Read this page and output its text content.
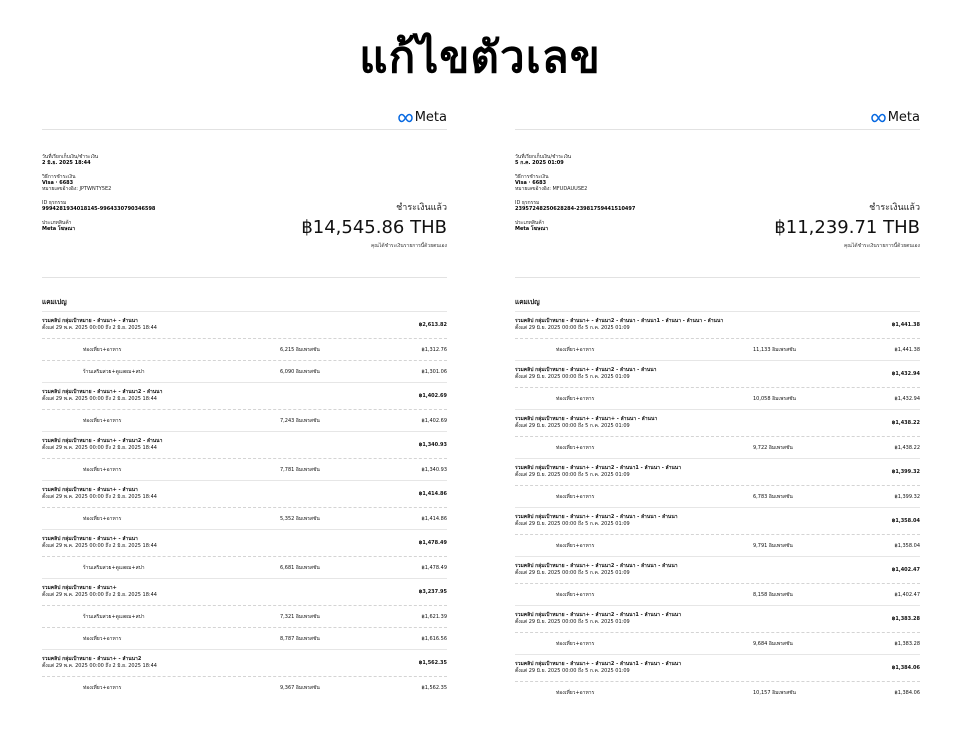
แก้ไขตัวเลข
Meta
วันที่เรียกเก็บเงิน/ชำระเงิน
2 มิ.ย. 2025 18:44
วิธีการชำระเงิน
Visa · 6683
หมายเลขอ้างอิง: JPTWNTY5E2
ID ธุรกรรม
9994281934018145-9964330790346598
ประเภทสินค้า
Meta โฆษณา
ชำระเงินแล้ว
฿14,545.86 THB
คุณได้ชำระเงินรายการนี้ด้วยตนเอง
แคมเปญ
รวมคลิป กลุ่มเป้าหมาย - ลำนนา+ - ลำนนา
ตั้งแต่ 29 พ.ค. 2025 00:00 ถึง 2 มิ.ย. 2025 18:44	฿2,613.82
ท่องเที่ยว+อาหาร	6,215 อิมเพรสชัน	฿1,312.76
ร้านเสริมสวย+ดูแลผม+สปา	6,090 อิมเพรสชัน	฿1,301.06
รวมคลิป กลุ่มเป้าหมาย - ลำนนา+ - ลำนนา2 - ลำนนา
ตั้งแต่ 29 พ.ค. 2025 00:00 ถึง 2 มิ.ย. 2025 18:44	฿1,402.69
ท่องเที่ยว+อาหาร	7,243 อิมเพรสชัน	฿1,402.69
รวมคลิป กลุ่มเป้าหมาย - ลำนนา+ - ลำนนา2 - ลำนนา
ตั้งแต่ 29 พ.ค. 2025 00:00 ถึง 2 มิ.ย. 2025 18:44	฿1,340.93
ท่องเที่ยว+อาหาร	7,781 อิมเพรสชัน	฿1,340.93
รวมคลิป กลุ่มเป้าหมาย - ลำนนา+ - ลำนนา
ตั้งแต่ 29 พ.ค. 2025 00:00 ถึง 2 มิ.ย. 2025 18:44	฿1,414.86
ท่องเที่ยว+อาหาร	5,352 อิมเพรสชัน	฿1,414.86
รวมคลิป กลุ่มเป้าหมาย - ลำนนา+ - ลำนนา
ตั้งแต่ 29 พ.ค. 2025 00:00 ถึง 2 มิ.ย. 2025 18:44	฿1,478.49
ร้านเสริมสวย+ดูแลผม+สปา	6,681 อิมเพรสชัน	฿1,478.49
รวมคลิป กลุ่มเป้าหมาย - ลำนนา+
ตั้งแต่ 29 พ.ค. 2025 00:00 ถึง 2 มิ.ย. 2025 18:44	฿3,237.95
ร้านเสริมสวย+ดูแลผม+สปา	7,321 อิมเพรสชัน	฿1,621.39
ท่องเที่ยว+อาหาร	8,787 อิมเพรสชัน	฿1,616.56
รวมคลิป กลุ่มเป้าหมาย - ลำนนา+ - ลำนนา2
ตั้งแต่ 29 พ.ค. 2025 00:00 ถึง 2 มิ.ย. 2025 18:44	฿1,562.35
ท่องเที่ยว+อาหาร	9,367 อิมเพรสชัน	฿1,562.35
Meta
วันที่เรียกเก็บเงิน/ชำระเงิน
5 ก.ค. 2025 01:09
วิธีการชำระเงิน
Visa · 6683
หมายเลขอ้างอิง: MFUDAUUSE2
ID ธุรกรรม
23957248250628284-23981759441510497
ประเภทสินค้า
Meta โฆษณา
ชำระเงินแล้ว
฿11,239.71 THB
คุณได้ชำระเงินรายการนี้ด้วยตนเอง
แคมเปญ
รวมคลิป กลุ่มเป้าหมาย - ลำนนา+ - ลำนนา2 - ลำนนา - ลำนนา1 - ลำนนา - ลำนนา - ลำนนา
ตั้งแต่ 29 มิ.ย. 2025 00:00 ถึง 5 ก.ค. 2025 01:09	฿1,441.38
ท่องเที่ยว+อาหาร	11,133 อิมเพรสชัน	฿1,441.38
รวมคลิป กลุ่มเป้าหมาย - ลำนนา+ - ลำนนา2 - ลำนนา - ลำนนา
ตั้งแต่ 29 มิ.ย. 2025 00:00 ถึง 5 ก.ค. 2025 01:09	฿1,432.94
ท่องเที่ยว+อาหาร	10,058 อิมเพรสชัน	฿1,432.94
รวมคลิป กลุ่มเป้าหมาย - ลำนนา+ - ลำนนา+ - ลำนนา - ลำนนา
ตั้งแต่ 29 มิ.ย. 2025 00:00 ถึง 5 ก.ค. 2025 01:09	฿1,438.22
ท่องเที่ยว+อาหาร	9,722 อิมเพรสชัน	฿1,438.22
รวมคลิป กลุ่มเป้าหมาย - ลำนนา+ - ลำนนา2 - ลำนนา1 - ลำนนา - ลำนนา
ตั้งแต่ 29 มิ.ย. 2025 00:00 ถึง 5 ก.ค. 2025 01:09	฿1,399.32
ท่องเที่ยว+อาหาร	6,783 อิมเพรสชัน	฿1,399.32
รวมคลิป กลุ่มเป้าหมาย - ลำนนา+ - ลำนนา2 - ลำนนา - ลำนนา - ลำนนา
ตั้งแต่ 29 มิ.ย. 2025 00:00 ถึง 5 ก.ค. 2025 01:09	฿1,358.04
ท่องเที่ยว+อาหาร	9,791 อิมเพรสชัน	฿1,358.04
รวมคลิป กลุ่มเป้าหมาย - ลำนนา+ - ลำนนา2 - ลำนนา - ลำนนา - ลำนนา
ตั้งแต่ 29 มิ.ย. 2025 00:00 ถึง 5 ก.ค. 2025 01:09	฿1,402.47
ท่องเที่ยว+อาหาร	8,158 อิมเพรสชัน	฿1,402.47
รวมคลิป กลุ่มเป้าหมาย - ลำนนา+ - ลำนนา2 - ลำนนา1 - ลำนนา - ลำนนา
ตั้งแต่ 29 มิ.ย. 2025 00:00 ถึง 5 ก.ค. 2025 01:09	฿1,383.28
ท่องเที่ยว+อาหาร	9,684 อิมเพรสชัน	฿1,383.28
รวมคลิป กลุ่มเป้าหมาย - ลำนนา+ - ลำนนา2 - ลำนนา1 - ลำนนา - ลำนนา
ตั้งแต่ 29 มิ.ย. 2025 00:00 ถึง 5 ก.ค. 2025 01:09	฿1,384.06
ท่องเที่ยว+อาหาร	10,157 อิมเพรสชัน	฿1,384.06
